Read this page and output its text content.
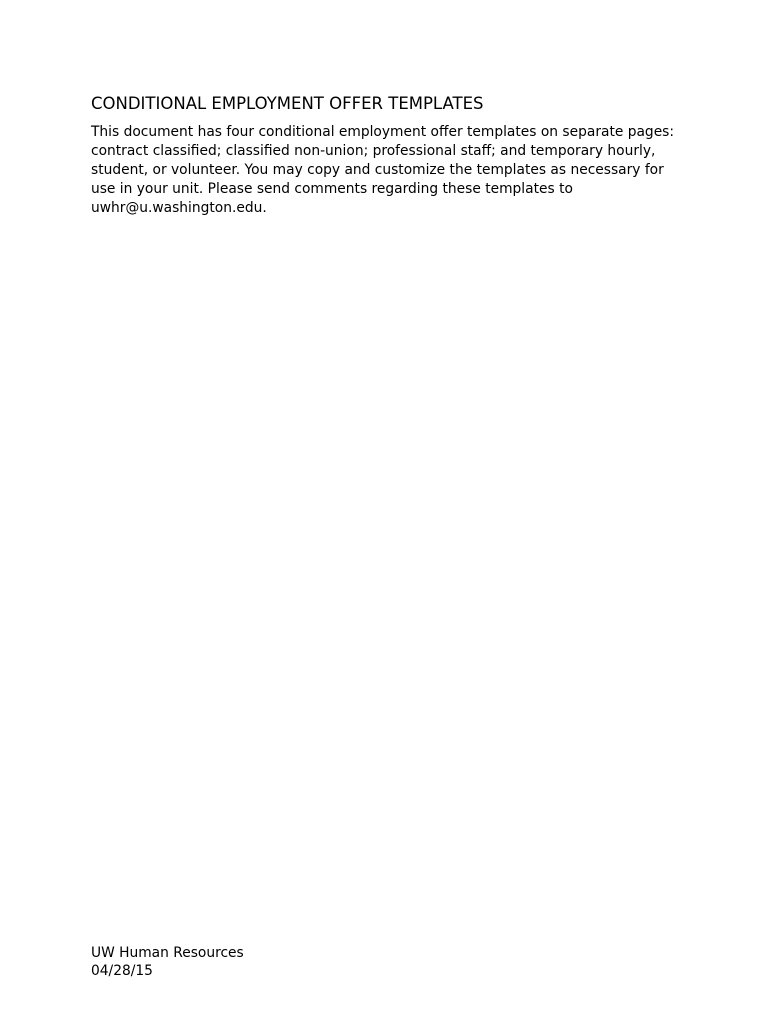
CONDITIONAL EMPLOYMENT OFFER TEMPLATES
This document has four conditional employment offer templates on separate pages:
contract classified; classified non-union; professional staff; and temporary hourly,
student, or volunteer. You may copy and customize the templates as necessary for
use in your unit. Please send comments regarding these templates to
uwhr@u.washington.edu.
UW Human Resources
04/28/15
